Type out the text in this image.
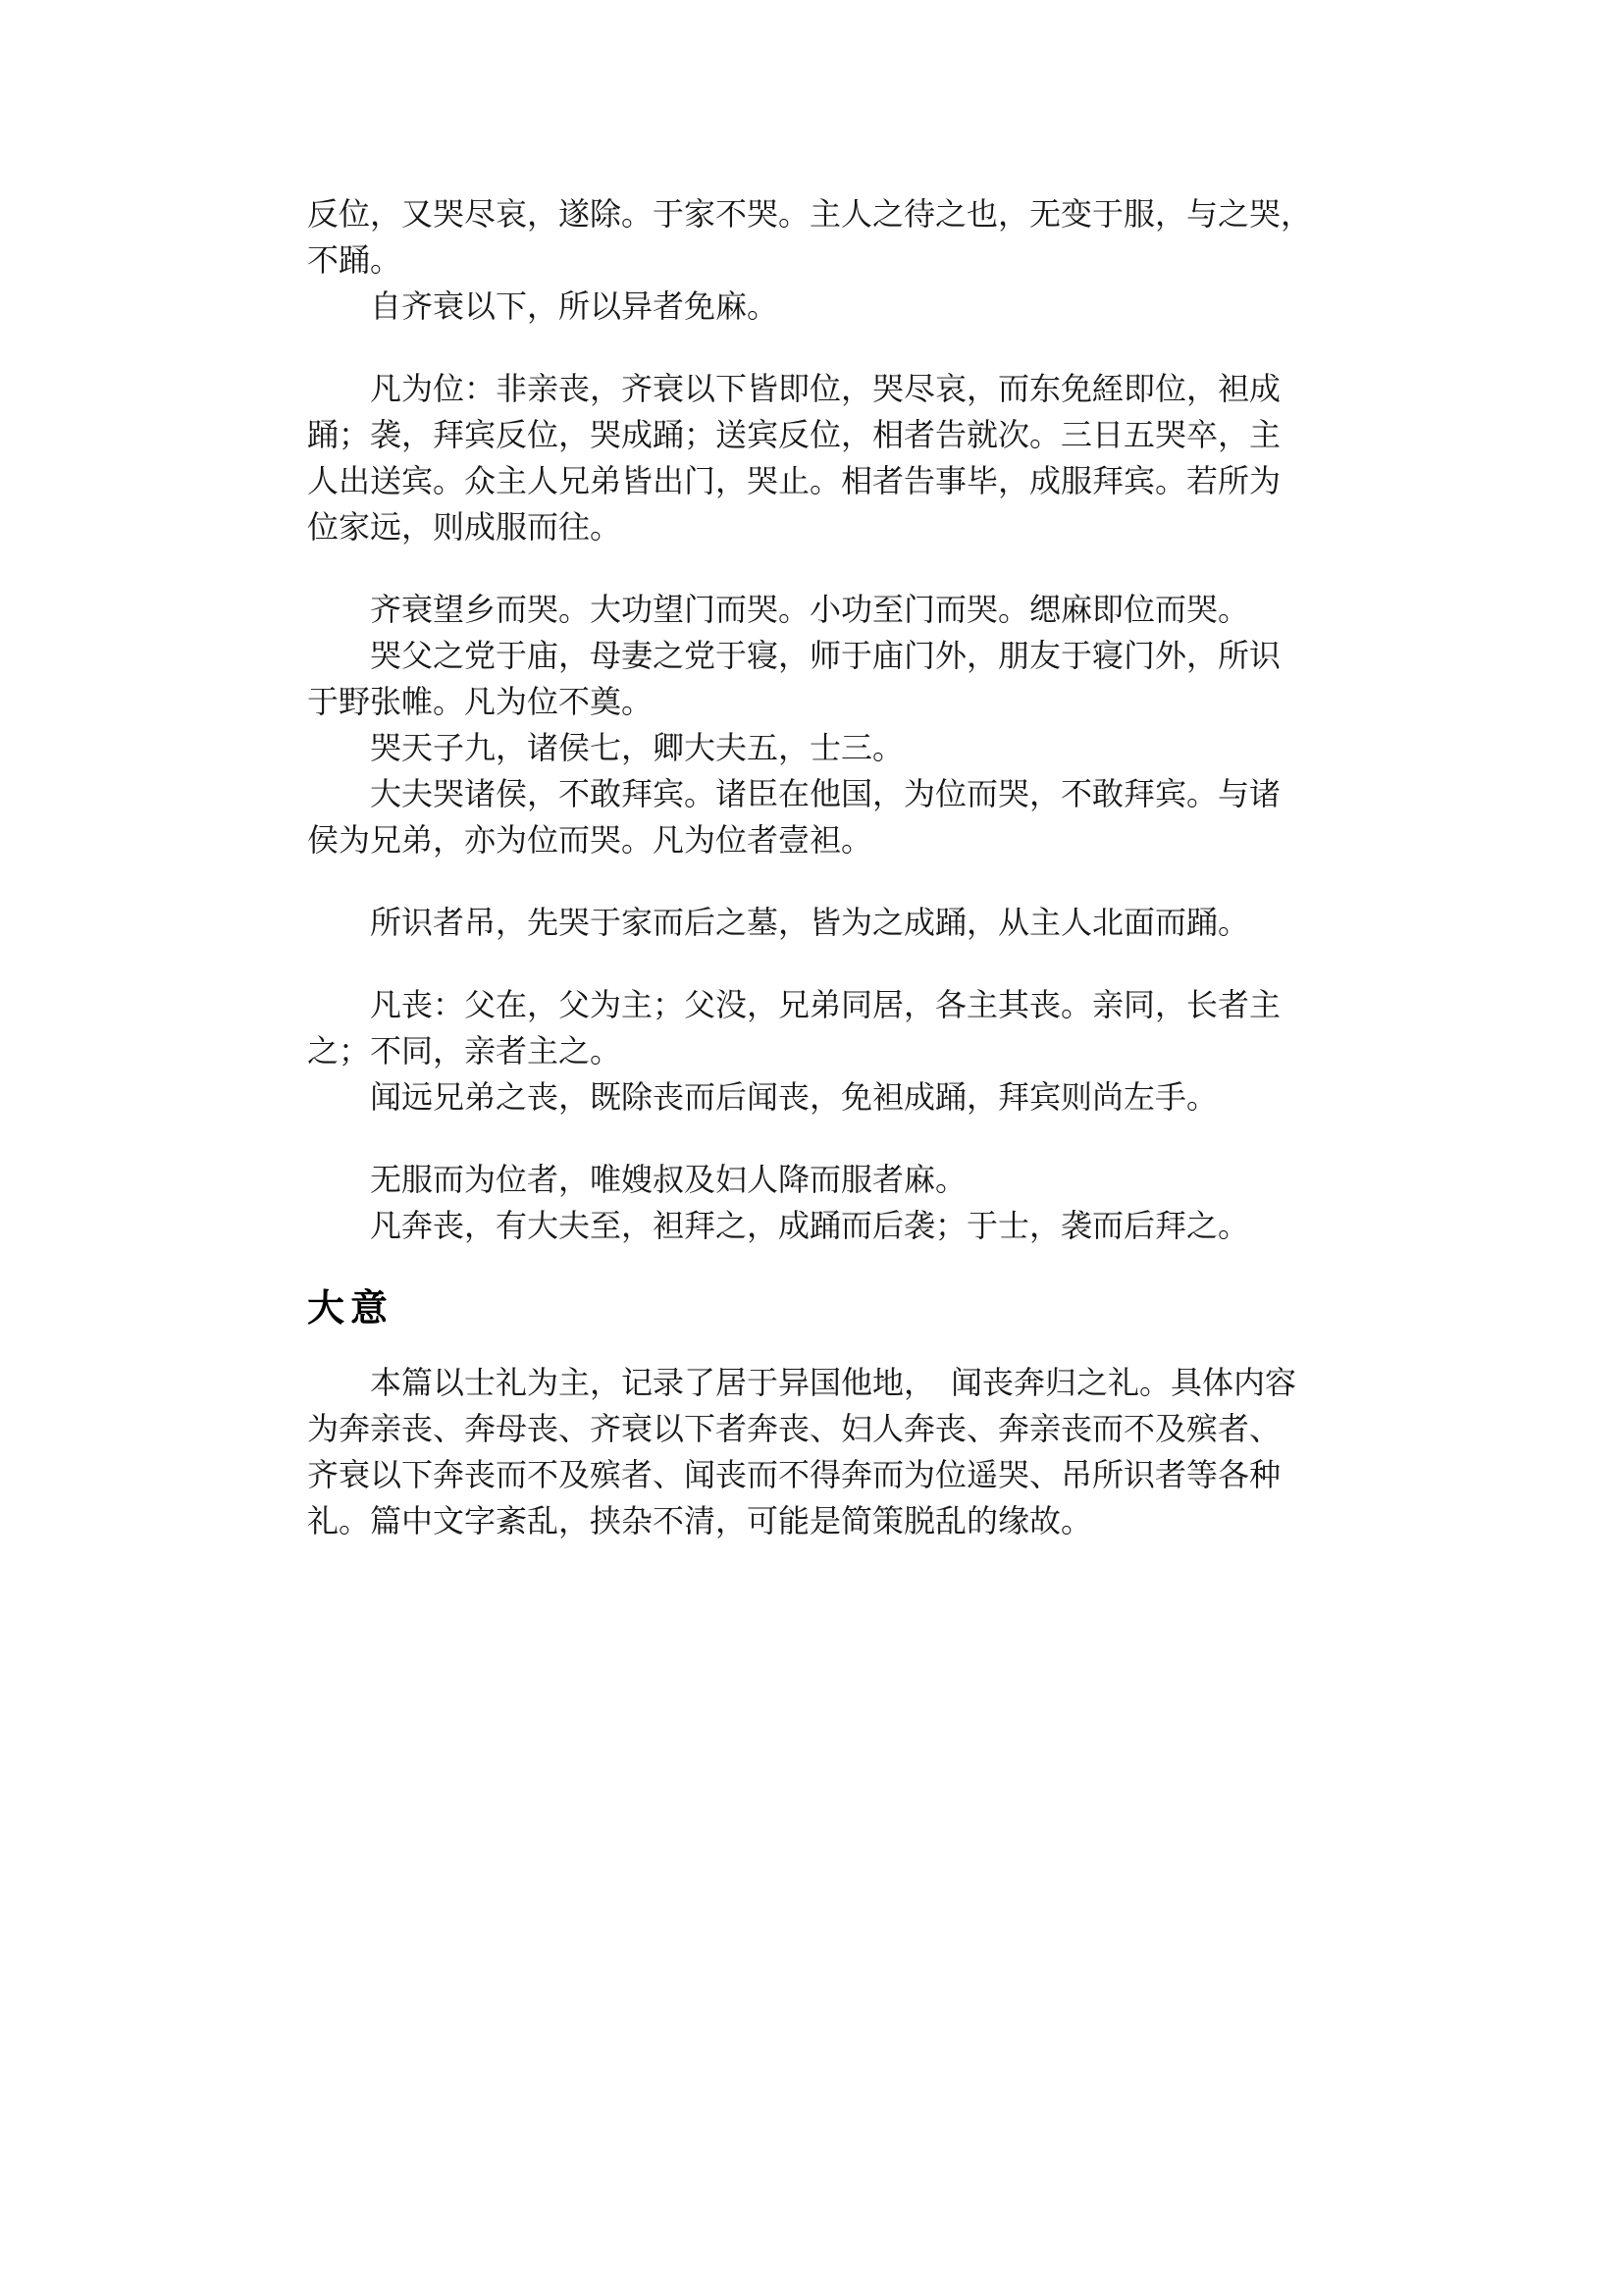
反位，又哭尽哀，遂除。于家不哭。主人之待之也，无变于服，与之哭，
不踊。
自齐衰以下，所以异者免麻。
凡为位：非亲丧，齐衰以下皆即位，哭尽哀，而东免絰即位，袒成
踊；袭，拜宾反位，哭成踊；送宾反位，相者告就次。三日五哭卒，主
人出送宾。众主人兄弟皆出门，哭止。相者告事毕，成服拜宾。若所为
位家远，则成服而往。
齐衰望乡而哭。大功望门而哭。小功至门而哭。缌麻即位而哭。
哭父之党于庙，母妻之党于寝，师于庙门外，朋友于寝门外，所识
于野张帷。凡为位不奠。
哭天子九，诸侯七，卿大夫五，士三。
大夫哭诸侯，不敢拜宾。诸臣在他国，为位而哭，不敢拜宾。与诸
侯为兄弟，亦为位而哭。凡为位者壹袒。
所识者吊，先哭于家而后之墓，皆为之成踊，从主人北面而踊。
凡丧：父在，父为主；父没，兄弟同居，各主其丧。亲同，长者主
之；不同，亲者主之。
闻远兄弟之丧，既除丧而后闻丧，免袒成踊，拜宾则尚左手。
无服而为位者，唯嫂叔及妇人降而服者麻。
凡奔丧，有大夫至，袒拜之，成踊而后袭；于士，袭而后拜之。
大意
本篇以士礼为主，记录了居于异国他地，　闻丧奔归之礼。具体内容
为奔亲丧、奔母丧、齐衰以下者奔丧、妇人奔丧、奔亲丧而不及殡者、
齐衰以下奔丧而不及殡者、闻丧而不得奔而为位遥哭、吊所识者等各种
礼。篇中文字紊乱，挟杂不清，可能是简策脱乱的缘故。
